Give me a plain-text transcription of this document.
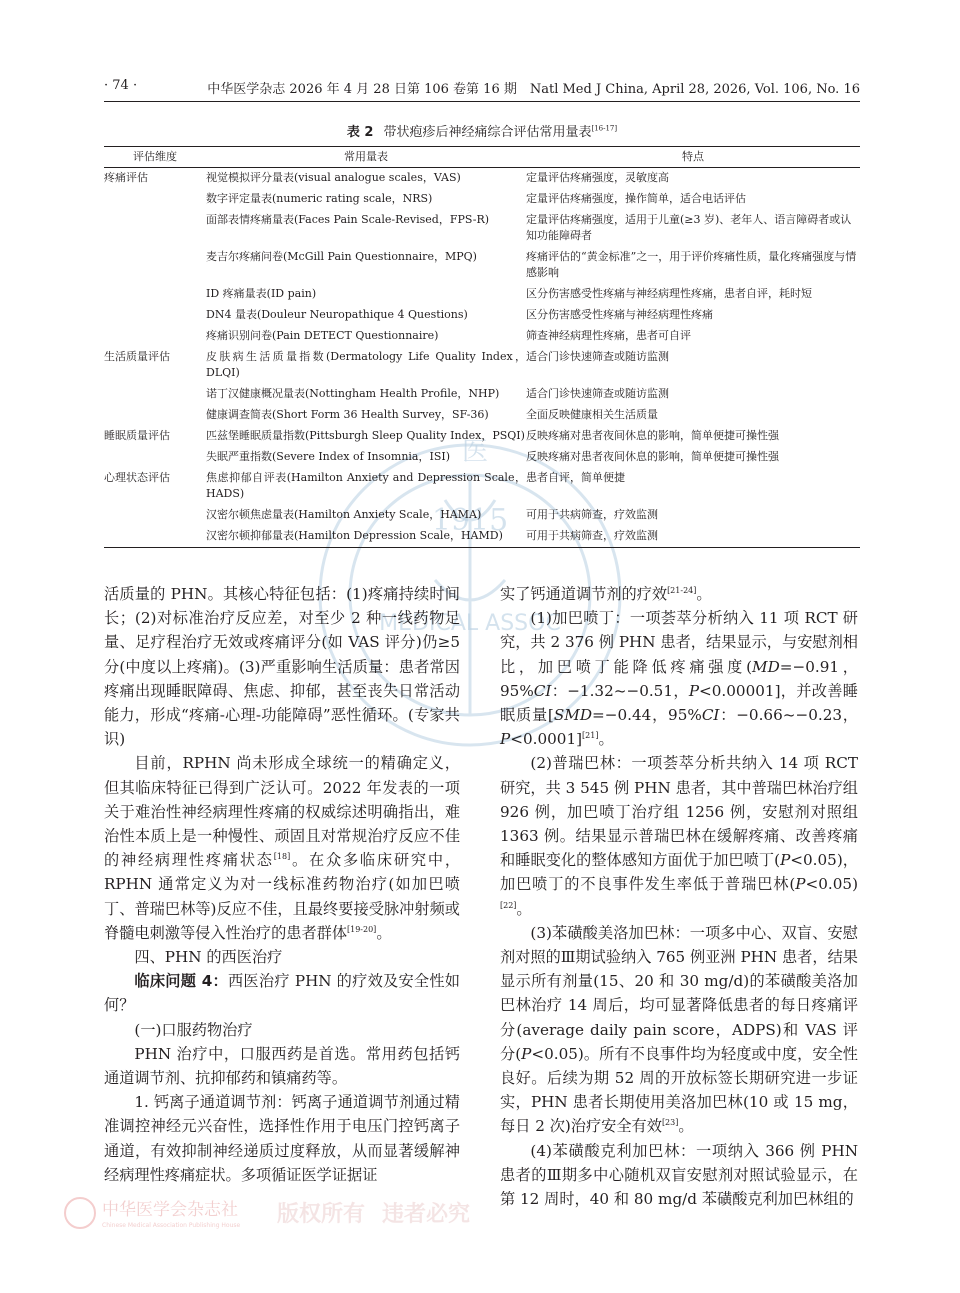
1915
MEDICAL ASSOC
医
· 74 ·	中华医学杂志 2026 年 4 月 28 日第 106 卷第 16 期　Natl Med J China, April 28, 2026, Vol. 106, No. 16
表 2 带状疱疹后神经痛综合评估常用量表[16-17]
评估维度	常用量表	特点
疼痛评估	视觉模拟评分量表(visual analogue scales，VAS)	定量评估疼痛强度，灵敏度高
	数字评定量表(numeric rating scale，NRS)	定量评估疼痛强度，操作简单，适合电话评估
	面部表情疼痛量表(Faces Pain Scale-Revised，FPS-R)	定量评估疼痛强度，适用于儿童(≥3 岁)、老年人、语言障碍者或认知功能障碍者
	麦吉尔疼痛问卷(McGill Pain Questionnaire，MPQ)	疼痛评估的“黄金标准”之一，用于评价疼痛性质，量化疼痛强度与情感影响
	ID 疼痛量表(ID pain)	区分伤害感受性疼痛与神经病理性疼痛，患者自评，耗时短
	DN4 量表(Douleur Neuropathique 4 Questions)	区分伤害感受性疼痛与神经病理性疼痛
	疼痛识别问卷(Pain DETECT Questionnaire)	筛查神经病理性疼痛，患者可自评
生活质量评估	皮肤病生活质量指数(Dermatology Life Quality Index，DLQI)	适合门诊快速筛查或随访监测
	诺丁汉健康概况量表(Nottingham Health Profile，NHP)	适合门诊快速筛查或随访监测
	健康调查简表(Short Form 36 Health Survey，SF-36)	全面反映健康相关生活质量
睡眠质量评估	匹兹堡睡眠质量指数(Pittsburgh Sleep Quality Index，PSQI)	反映疼痛对患者夜间休息的影响，简单便捷可操性强
	失眠严重指数(Severe Index of Insomnia，ISI)	反映疼痛对患者夜间休息的影响，简单便捷可操性强
心理状态评估	焦虑抑郁自评表(Hamilton Anxiety and Depression Scale，HADS)	患者自评，简单便捷
	汉密尔顿焦虑量表(Hamilton Anxiety Scale，HAMA)	可用于共病筛查，疗效监测
	汉密尔顿抑郁量表(Hamilton Depression Scale，HAMD)	可用于共病筛查，疗效监测

活质量的 PHN。其核心特征包括：(1)疼痛持续时间长；(2)对标准治疗反应差，对至少 2 种一线药物足量、足疗程治疗无效或疼痛评分(如 VAS 评分)仍≥5 分(中度以上疼痛)。(3)严重影响生活质量：患者常因疼痛出现睡眠障碍、焦虑、抑郁，甚至丧失日常活动能力，形成“疼痛-心理-功能障碍”恶性循环。(专家共识)

目前，RPHN 尚未形成全球统一的精确定义，但其临床特征已得到广泛认可。2022 年发表的一项关于难治性神经病理性疼痛的权威综述明确指出，难治性本质上是一种慢性、顽固且对常规治疗反应不佳的神经病理性疼痛状态[18]。在众多临床研究中，RPHN 通常定义为对一线标准药物治疗(如加巴喷丁、普瑞巴林等)反应不佳，且最终要接受脉冲射频或脊髓电刺激等侵入性治疗的患者群体[19-20]。

四、PHN 的西医治疗

临床问题 4：西医治疗 PHN 的疗效及安全性如何？

(一)口服药物治疗

PHN 治疗中，口服西药是首选。常用药包括钙通道调节剂、抗抑郁药和镇痛药等。

1. 钙离子通道调节剂：钙离子通道调节剂通过精准调控神经元兴奋性，选择性作用于电压门控钙离子通道，有效抑制神经递质过度释放，从而显著缓解神经病理性疼痛症状。多项循证医学证据证

实了钙通道调节剂的疗效[21-24]。

(1)加巴喷丁：一项荟萃分析纳入 11 项 RCT 研究，共 2 376 例 PHN 患者，结果显示，与安慰剂相比，加巴喷丁能降低疼痛强度(MD=−0.91，95%CI：−1.32~−0.51，P<0.00001]，并改善睡眠质量[SMD=−0.44，95%CI：−0.66~−0.23，P<0.0001][21]。

(2)普瑞巴林：一项荟萃分析共纳入 14 项 RCT 研究，共 3 545 例 PHN 患者，其中普瑞巴林治疗组 926 例，加巴喷丁治疗组 1256 例，安慰剂对照组 1363 例。结果显示普瑞巴林在缓解疼痛、改善疼痛和睡眠变化的整体感知方面优于加巴喷丁(P<0.05)，加巴喷丁的不良事件发生率低于普瑞巴林(P<0.05)[22]。

(3)苯磺酸美洛加巴林：一项多中心、双盲、安慰剂对照的Ⅲ期试验纳入 765 例亚洲 PHN 患者，结果显示所有剂量(15、20 和 30 mg/d)的苯磺酸美洛加巴林治疗 14 周后，均可显著降低患者的每日疼痛评分(average daily pain score，ADPS)和 VAS 评分(P<0.05)。所有不良事件均为轻度或中度，安全性良好。后续为期 52 周的开放标签长期研究进一步证实，PHN 患者长期使用美洛加巴林(10 或 15 mg，每日 2 次)治疗安全有效[23]。

(4)苯磺酸克利加巴林：一项纳入 366 例 PHN 患者的Ⅲ期多中心随机双盲安慰剂对照试验显示，在第 12 周时，40 和 80 mg/d 苯磺酸克利加巴林组的

中华医学会杂志社
Chinese Medical Association Publishing House 版权所有 违者必究
